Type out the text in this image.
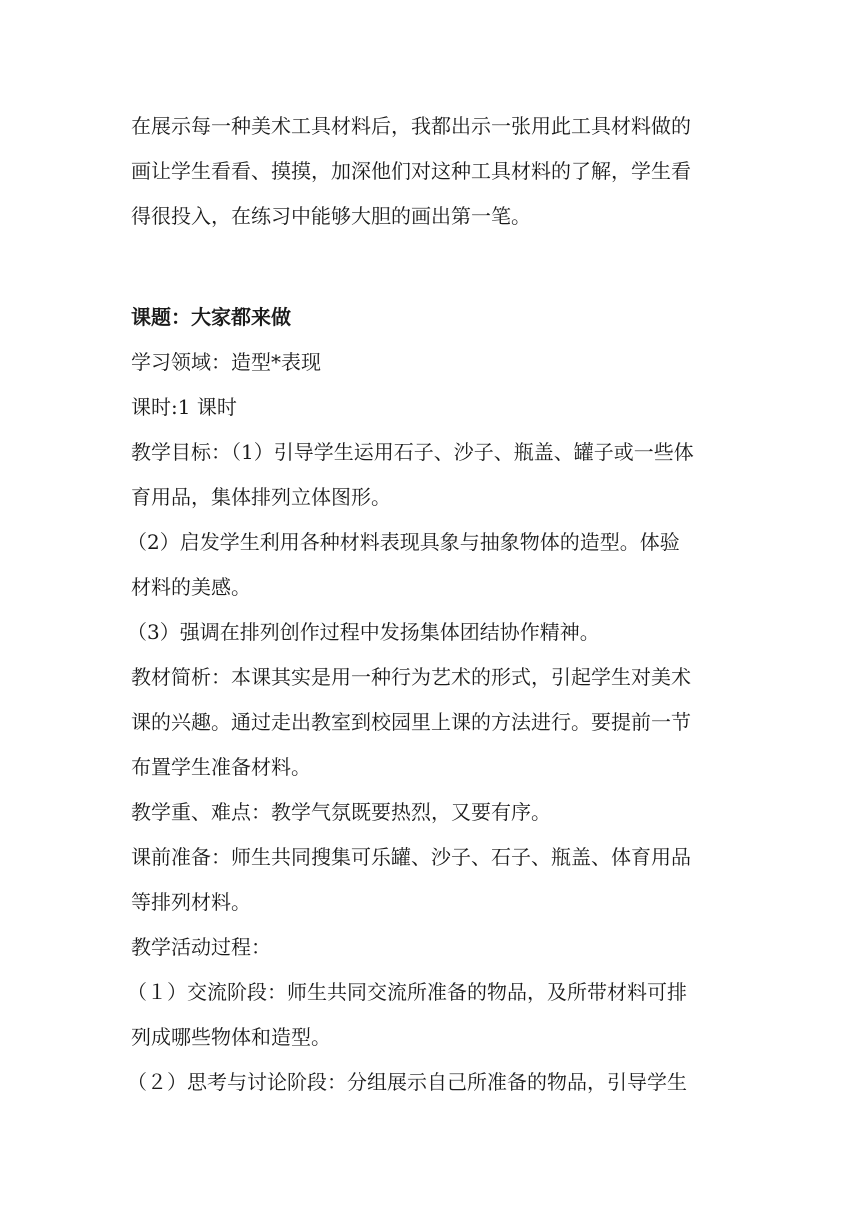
在展示每一种美术工具材料后，我都出示一张用此工具材料做的
画让学生看看、摸摸，加深他们对这种工具材料的了解，学生看
得很投入，在练习中能够大胆的画出第一笔。
课题：大家都来做
学习领域：造型*表现
课时:1 课时
教学目标：（1）引导学生运用石子、沙子、瓶盖、罐子或一些体
育用品，集体排列立体图形。
（2）启发学生利用各种材料表现具象与抽象物体的造型。体验
材料的美感。
（3）强调在排列创作过程中发扬集体团结协作精神。
教材简析：本课其实是用一种行为艺术的形式，引起学生对美术
课的兴趣。通过走出教室到校园里上课的方法进行。要提前一节
布置学生准备材料。
教学重、难点：教学气氛既要热烈，又要有序。
课前准备：师生共同搜集可乐罐、沙子、石子、瓶盖、体育用品
等排列材料。
教学活动过程：
（１）交流阶段：师生共同交流所准备的物品，及所带材料可排
列成哪些物体和造型。
（２）思考与讨论阶段：分组展示自己所准备的物品，引导学生
